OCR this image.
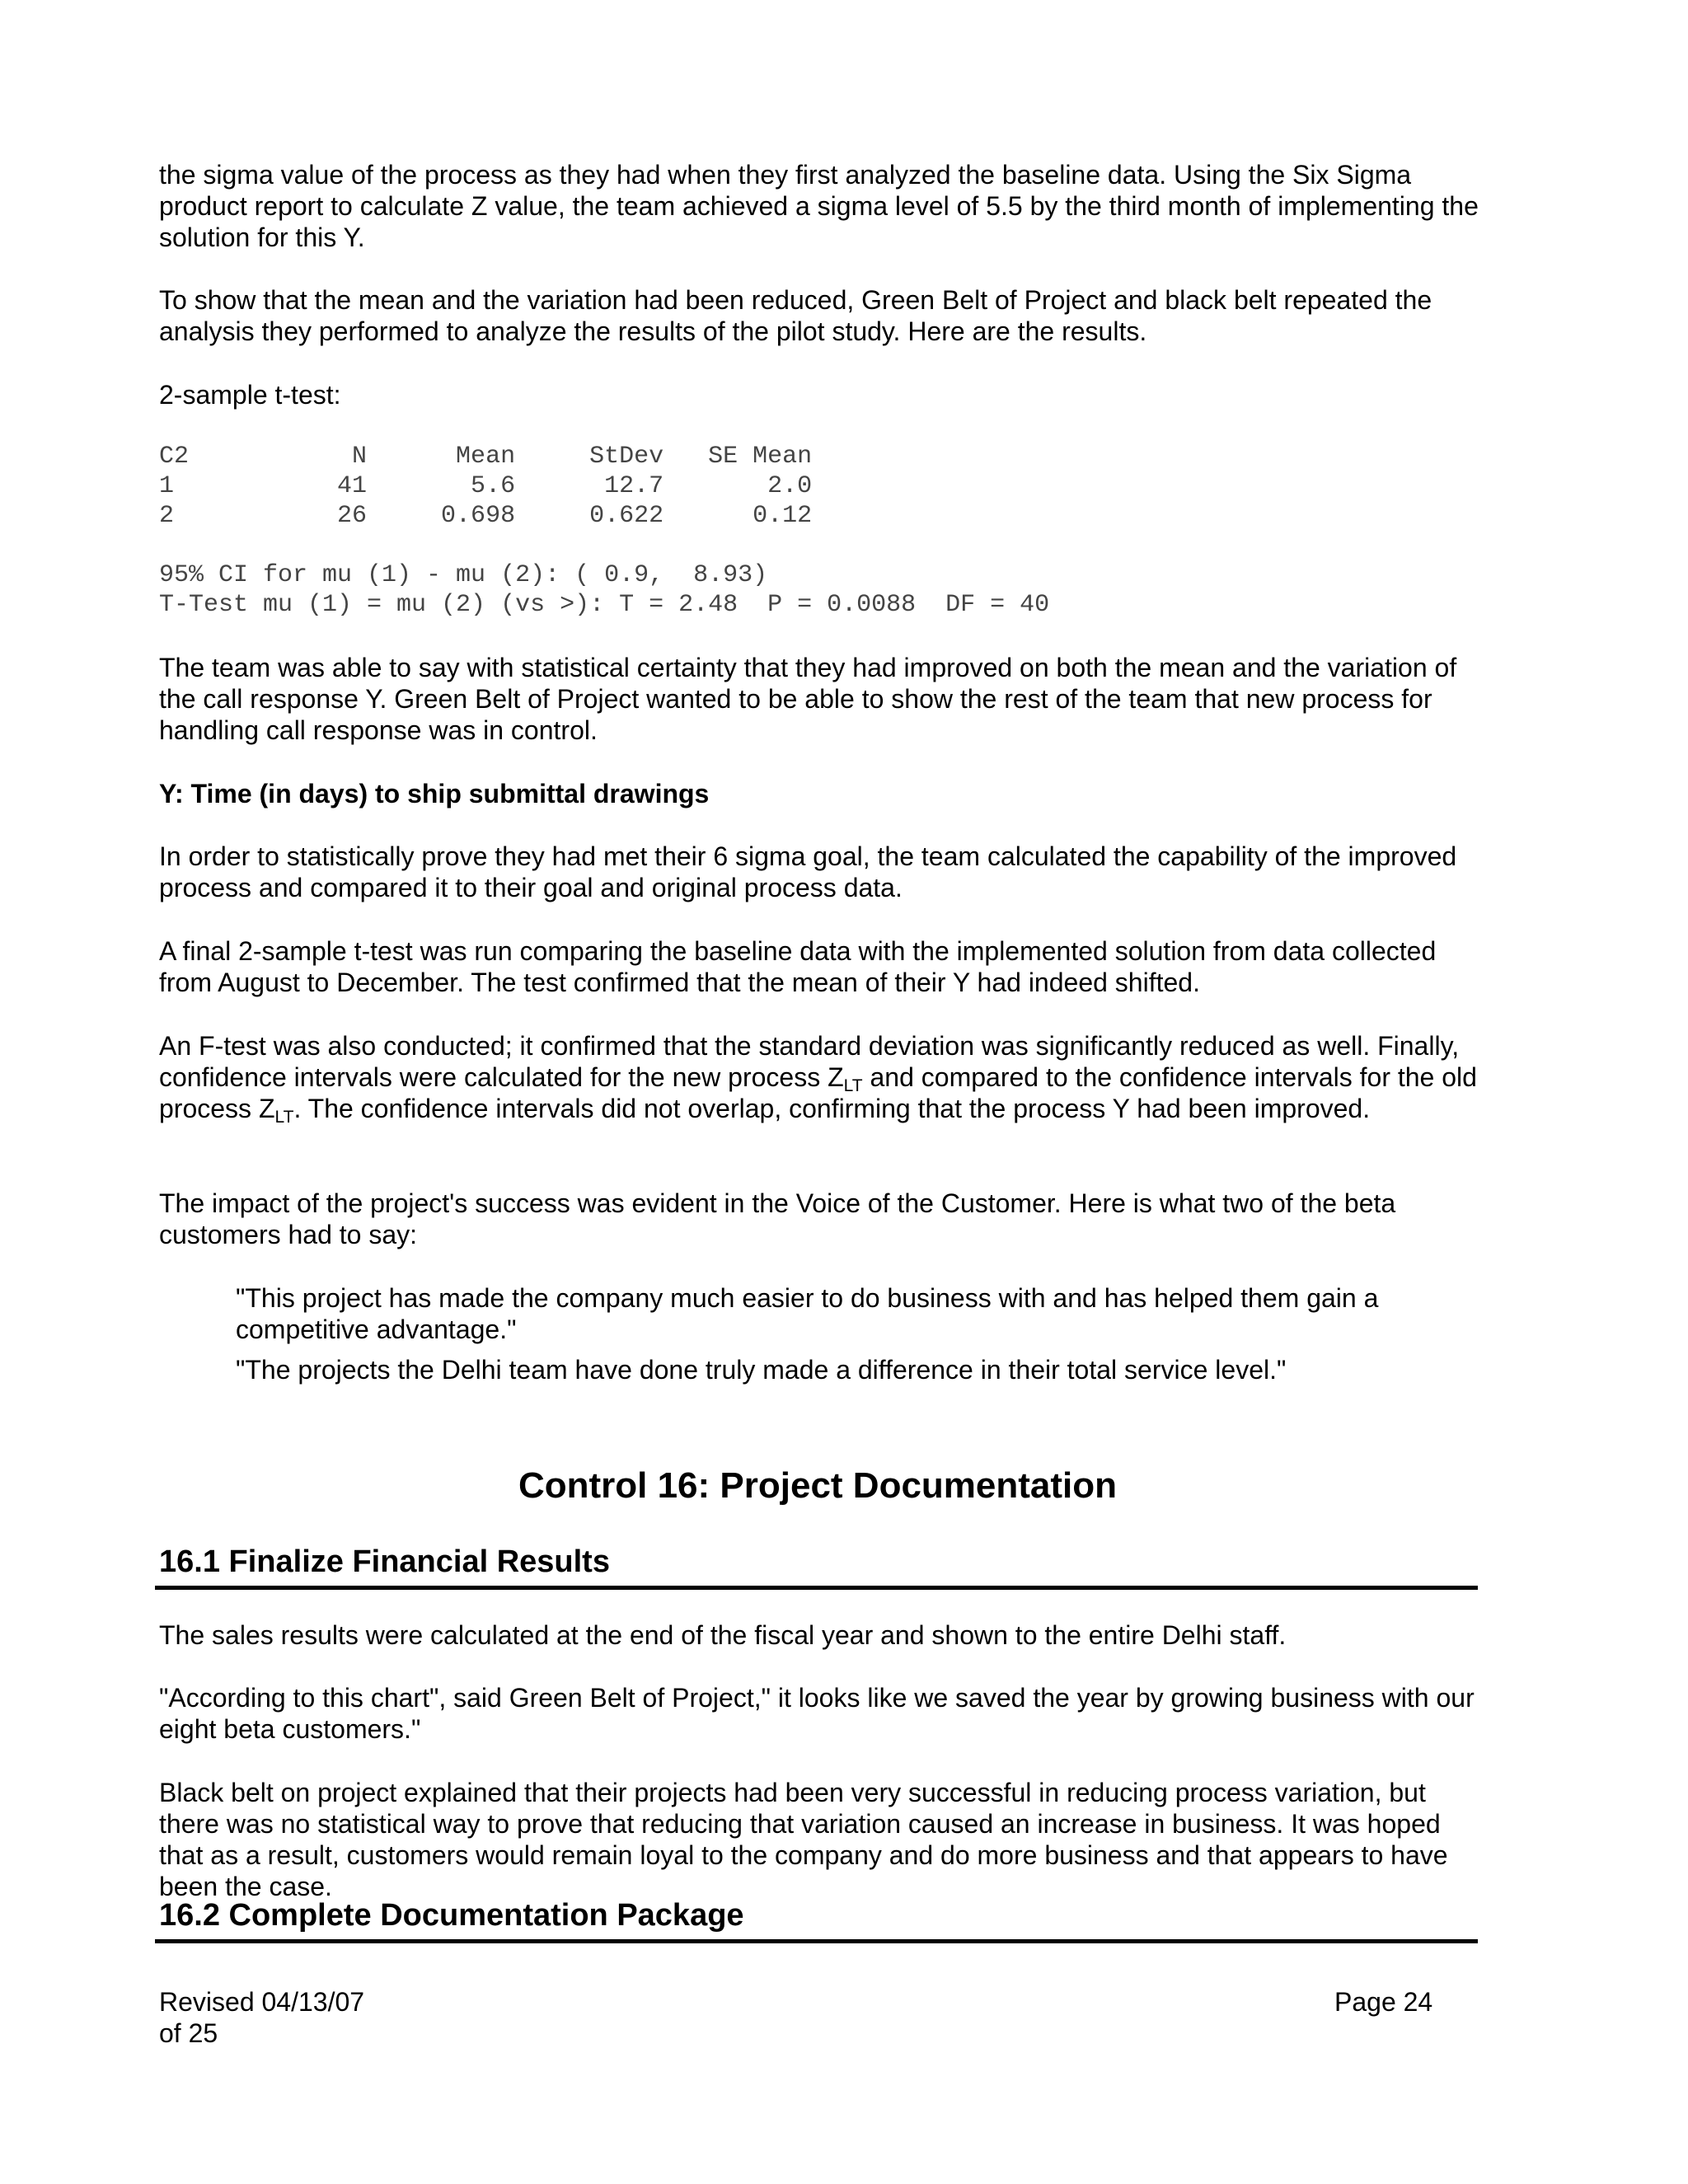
the sigma value of the process as they had when they first analyzed the baseline data. Using the Six Sigma product report to calculate Z value, the team achieved a sigma level of 5.5 by the third month of implementing the solution for this Y.

To show that the mean and the variation had been reduced, Green Belt of Project and black belt repeated the analysis they performed to analyze the results of the pilot study. Here are the results.

2-sample t-test:

C2           N      Mean     StDev   SE Mean
1           41       5.6      12.7       2.0
2           26     0.698     0.622      0.12
95% CI for mu (1) - mu (2): ( 0.9,  8.93)
T-Test mu (1) = mu (2) (vs >): T = 2.48  P = 0.0088  DF = 40

The team was able to say with statistical certainty that they had improved on both the mean and the variation of the call response Y. Green Belt of Project wanted to be able to show the rest of the team that new process for handling call response was in control.

Y: Time (in days) to ship submittal drawings

In order to statistically prove they had met their 6 sigma goal, the team calculated the capability of the improved process and compared it to their goal and original process data.

A final 2-sample t-test was run comparing the baseline data with the implemented solution from data collected from August to December. The test confirmed that the mean of their Y had indeed shifted.

An F-test was also conducted; it confirmed that the standard deviation was significantly reduced as well. Finally, confidence intervals were calculated for the new process $Z_{LT}$ and compared to the confidence intervals for the old process $Z_{LT}$. The confidence intervals did not overlap, confirming that the process Y had been improved.

The impact of the project's success was evident in the Voice of the Customer. Here is what two of the beta customers had to say:

"This project has made the company much easier to do business with and has helped them gain a competitive advantage."

"The projects the Delhi team have done truly made a difference in their total service level."

Control 16: Project Documentation
16.1 Finalize Financial Results

The sales results were calculated at the end of the fiscal year and shown to the entire Delhi staff.

"According to this chart", said Green Belt of Project," it looks like we saved the year by growing business with our eight beta customers."

Black belt on project explained that their projects had been very successful in reducing process variation, but there was no statistical way to prove that reducing that variation caused an increase in business. It was hoped that as a result, customers would remain loyal to the company and do more business and that appears to have been the case.

16.2 Complete Documentation Package

Revised 04/13/07

of 25

Page 24
